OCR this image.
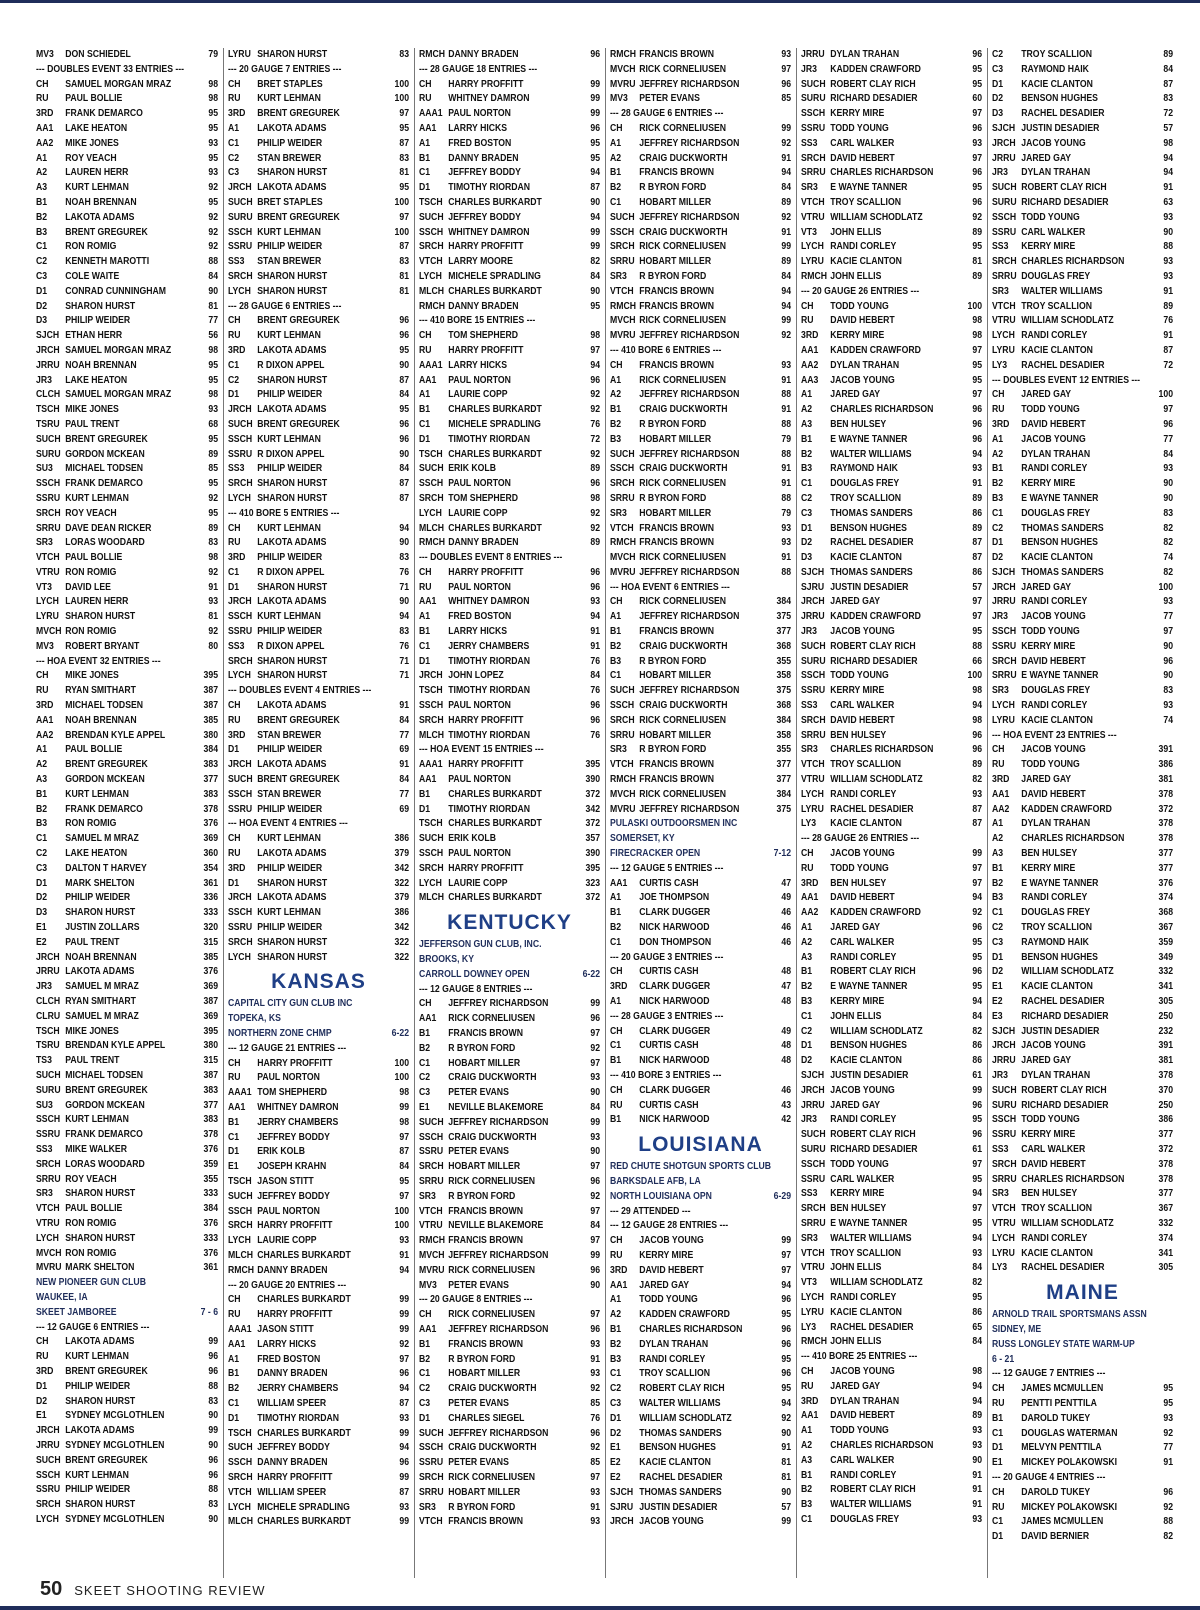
MV3	DON SCHIEDEL	79
--- DOUBLES EVENT 33 ENTRIES ---
CH	SAMUEL MORGAN MRAZ	98
RU	PAUL BOLLIE	98
3RD	FRANK DEMARCO	95
AA1	LAKE HEATON	95
AA2	MIKE JONES	93
A1	ROY VEACH	95
A2	LAUREN HERR	93
A3	KURT LEHMAN	92
B1	NOAH BRENNAN	95
B2	LAKOTA ADAMS	92
B3	BRENT GREGUREK	92
C1	RON ROMIG	92
C2	KENNETH MAROTTI	88
C3	COLE WAITE	84
D1	CONRAD CUNNINGHAM	90
D2	SHARON HURST	81
D3	PHILIP WEIDER	77
SJCH ETHAN HERR	56
JRCH SAMUEL MORGAN MRAZ	98
JRRU NOAH BRENNAN	95
JR3	LAKE HEATON	95
CLCH SAMUEL MORGAN MRAZ	98
TSCH MIKE JONES	93
TSRU PAUL TRENT	68
SUCH BRENT GREGUREK	95
SURU GORDON MCKEAN	89
SU3	MICHAEL TODSEN	85
SSCH FRANK DEMARCO	95
SSRU KURT LEHMAN	92
SRCH ROY VEACH	95
SRRU DAVE DEAN RICKER	89
SR3	LORAS WOODARD	83
VTCH PAUL BOLLIE	98
VTRU RON ROMIG	92
VT3	DAVID LEE	91
LYCH LAUREN HERR	93
LYRU SHARON HURST	81
MVCH RON ROMIG	92
MV3	ROBERT BRYANT	80
--- HOA EVENT 32 ENTRIES ---
CH	MIKE JONES	395
RU	RYAN SMITHART	387
3RD	MICHAEL TODSEN	387
AA1	NOAH BRENNAN	385
AA2	BRENDAN KYLE APPEL	380
A1	PAUL BOLLIE	384
A2	BRENT GREGUREK	383
A3	GORDON MCKEAN	377
B1	KURT LEHMAN	383
B2	FRANK DEMARCO	378
B3	RON ROMIG	376
C1	SAMUEL M MRAZ	369
C2	LAKE HEATON	360
C3	DALTON T HARVEY	354
D1	MARK SHELTON	361
D2	PHILIP WEIDER	336
D3	SHARON HURST	333
E1	JUSTIN ZOLLARS	320
E2	PAUL TRENT	315
JRCH NOAH BRENNAN	385
JRRU LAKOTA ADAMS	376
JR3	SAMUEL M MRAZ	369
CLCH RYAN SMITHART	387
CLRU SAMUEL M MRAZ	369
TSCH MIKE JONES	395
TSRU BRENDAN KYLE APPEL	380
TS3	PAUL TRENT	315
SUCH MICHAEL TODSEN	387
SURU BRENT GREGUREK	383
SU3	GORDON MCKEAN	377
SSCH KURT LEHMAN	383
SSRU FRANK DEMARCO	378
SS3	MIKE WALKER	376
SRCH LORAS WOODARD	359
SRRU ROY VEACH	355
SR3	SHARON HURST	333
VTCH PAUL BOLLIE	384
VTRU RON ROMIG	376
LYCH SHARON HURST	333
MVCH RON ROMIG	376
MVRU MARK SHELTON	361
NEW PIONEER GUN CLUB
WAUKEE, IA
SKEET JAMBOREE	7 - 6
--- 12 GAUGE 6 ENTRIES ---
CH	LAKOTA ADAMS	99
RU	KURT LEHMAN	96
3RD	BRENT GREGUREK	96
D1	PHILIP WEIDER	88
D2	SHARON HURST	83
E1	SYDNEY MCGLOTHLEN	90
JRCH LAKOTA ADAMS	99
JRRU SYDNEY MCGLOTHLEN	90
SUCH BRENT GREGUREK	96
SSCH KURT LEHMAN	96
SSRU PHILIP WEIDER	88
SRCH SHARON HURST	83
LYCH SYDNEY MCGLOTHLEN	90
LYRU SHARON HURST	83
--- 20 GAUGE 7 ENTRIES ---
CH	BRET STAPLES	100
RU	KURT LEHMAN	100
3RD	BRENT GREGUREK	97
A1	LAKOTA ADAMS	95
C1	PHILIP WEIDER	87
C2	STAN BREWER	83
C3	SHARON HURST	81
JRCH LAKOTA ADAMS	95
SUCH BRET STAPLES	100
SURU BRENT GREGUREK	97
SSCH KURT LEHMAN	100
SSRU PHILIP WEIDER	87
SS3	STAN BREWER	83
SRCH SHARON HURST	81
LYCH SHARON HURST	81
--- 28 GAUGE 6 ENTRIES ---
CH	BRENT GREGUREK	96
RU	KURT LEHMAN	96
3RD	LAKOTA ADAMS	95
C1	R DIXON APPEL	90
C2	SHARON HURST	87
D1	PHILIP WEIDER	84
JRCH LAKOTA ADAMS	95
SUCH BRENT GREGUREK	96
SSCH KURT LEHMAN	96
SSRU R DIXON APPEL	90
SS3	PHILIP WEIDER	84
SRCH SHARON HURST	87
LYCH SHARON HURST	87
--- 410 BORE 5 ENTRIES ---
CH	KURT LEHMAN	94
RU	LAKOTA ADAMS	90
3RD	PHILIP WEIDER	83
C1	R DIXON APPEL	76
D1	SHARON HURST	71
JRCH LAKOTA ADAMS	90
SSCH KURT LEHMAN	94
SSRU PHILIP WEIDER	83
SS3	R DIXON APPEL	76
SRCH SHARON HURST	71
LYCH SHARON HURST	71
--- DOUBLES EVENT 4 ENTRIES ---
CH	LAKOTA ADAMS	91
RU	BRENT GREGUREK	84
3RD	STAN BREWER	77
D1	PHILIP WEIDER	69
JRCH LAKOTA ADAMS	91
SUCH BRENT GREGUREK	84
SSCH STAN BREWER	77
SSRU PHILIP WEIDER	69
--- HOA EVENT 4 ENTRIES ---
CH	KURT LEHMAN	386
RU	LAKOTA ADAMS	379
3RD	PHILIP WEIDER	342
D1	SHARON HURST	322
JRCH LAKOTA ADAMS	379
SSCH KURT LEHMAN	386
SSRU PHILIP WEIDER	342
SRCH SHARON HURST	322
LYCH SHARON HURST	322
KANSAS
CAPITAL CITY GUN CLUB INC
TOPEKA, KS
NORTHERN ZONE CHMP	6-22
--- 12 GAUGE 21 ENTRIES ---
CH	HARRY PROFFITT	100
RU	PAUL NORTON	100
AAA1 TOM SHEPHERD	98
AA1	WHITNEY DAMRON	99
B1	JERRY CHAMBERS	98
C1	JEFFREY BODDY	97
D1	ERIK KOLB	87
E1	JOSEPH KRAHN	84
TSCH JASON STITT	95
SUCH JEFFREY BODDY	97
SSCH PAUL NORTON	100
SRCH HARRY PROFFITT	100
LYCH LAURIE COPP	93
MLCH CHARLES BURKARDT	91
RMCH DANNY BRADEN	94
--- 20 GAUGE 20 ENTRIES ---
CH	CHARLES BURKARDT	99
RU	HARRY PROFFITT	99
AAA1 JASON STITT	99
AA1	LARRY HICKS	92
A1	FRED BOSTON	97
B1	DANNY BRADEN	96
B2	JERRY CHAMBERS	94
C1	WILLIAM SPEER	87
D1	TIMOTHY RIORDAN	93
TSCH CHARLES BURKARDT	99
SUCH JEFFREY BODDY	94
SSCH DANNY BRADEN	96
SRCH HARRY PROFFITT	99
VTCH WILLIAM SPEER	87
LYCH MICHELE SPRADLING	93
MLCH CHARLES BURKARDT	99
RMCH DANNY BRADEN	96
--- 28 GAUGE 18 ENTRIES ---
CH	HARRY PROFFITT	99
RU	WHITNEY DAMRON	99
AAA1 PAUL NORTON	99
AA1	LARRY HICKS	96
A1	FRED BOSTON	95
B1	DANNY BRADEN	95
C1	JEFFREY BODDY	94
D1	TIMOTHY RIORDAN	87
TSCH CHARLES BURKARDT	90
SUCH JEFFREY BODDY	94
SSCH WHITNEY DAMRON	99
SRCH HARRY PROFFITT	99
VTCH LARRY MOORE	82
LYCH MICHELE SPRADLING	84
MLCH CHARLES BURKARDT	90
RMCH DANNY BRADEN	95
--- 410 BORE 15 ENTRIES ---
CH	TOM SHEPHERD	98
RU	HARRY PROFFITT	97
AAA1 LARRY HICKS	94
AA1	PAUL NORTON	96
A1	LAURIE COPP	92
B1	CHARLES BURKARDT	92
C1	MICHELE SPRADLING	76
D1	TIMOTHY RIORDAN	72
TSCH CHARLES BURKARDT	92
SUCH ERIK KOLB	89
SSCH PAUL NORTON	96
SRCH TOM SHEPHERD	98
LYCH LAURIE COPP	92
MLCH CHARLES BURKARDT	92
RMCH DANNY BRADEN	89
--- DOUBLES EVENT 8 ENTRIES ---
CH	HARRY PROFFITT	96
RU	PAUL NORTON	96
AA1	WHITNEY DAMRON	93
A1	FRED BOSTON	94
B1	LARRY HICKS	91
C1	JERRY CHAMBERS	91
D1	TIMOTHY RIORDAN	76
JRCH JOHN LOPEZ	84
TSCH TIMOTHY RIORDAN	76
SSCH PAUL NORTON	96
SRCH HARRY PROFFITT	96
MLCH TIMOTHY RIORDAN	76
--- HOA EVENT 15 ENTRIES ---
AAA1 HARRY PROFFITT	395
AA1	PAUL NORTON	390
B1	CHARLES BURKARDT	372
D1	TIMOTHY RIORDAN	342
TSCH CHARLES BURKARDT	372
SUCH ERIK KOLB	357
SSCH PAUL NORTON	390
SRCH HARRY PROFFITT	395
LYCH LAURIE COPP	323
MLCH CHARLES BURKARDT	372
KENTUCKY
JEFFERSON GUN CLUB, INC.
BROOKS, KY
CARROLL DOWNEY OPEN	6-22
--- 12 GAUGE 8 ENTRIES ---
CH	JEFFREY RICHARDSON	99
AA1	RICK CORNELIUSEN	96
B1	FRANCIS BROWN	97
B2	R BYRON FORD	92
C1	HOBART MILLER	97
C2	CRAIG DUCKWORTH	93
C3	PETER EVANS	90
E1	NEVILLE BLAKEMORE	84
SUCH JEFFREY RICHARDSON	99
SSCH CRAIG DUCKWORTH	93
SSRU PETER EVANS	90
SRCH HOBART MILLER	97
SRRU RICK CORNELIUSEN	96
SR3	R BYRON FORD	92
VTCH FRANCIS BROWN	97
VTRU NEVILLE BLAKEMORE	84
RMCH FRANCIS BROWN	97
MVCH JEFFREY RICHARDSON	99
MVRU RICK CORNELIUSEN	96
MV3	PETER EVANS	90
--- 20 GAUGE 8 ENTRIES ---
CH	RICK CORNELIUSEN	97
AA1	JEFFREY RICHARDSON	96
B1	FRANCIS BROWN	93
B2	R BYRON FORD	91
C1	HOBART MILLER	93
C2	CRAIG DUCKWORTH	92
C3	PETER EVANS	85
D1	CHARLES SIEGEL	76
SUCH JEFFREY RICHARDSON	96
SSCH CRAIG DUCKWORTH	92
SSRU PETER EVANS	85
SRCH RICK CORNELIUSEN	97
SRRU HOBART MILLER	93
SR3	R BYRON FORD	91
VTCH FRANCIS BROWN	93
RMCH FRANCIS BROWN	93
MVCH RICK CORNELIUSEN	97
MVRU JEFFREY RICHARDSON	96
MV3	PETER EVANS	85
--- 28 GAUGE 6 ENTRIES ---
CH	RICK CORNELIUSEN	99
A1	JEFFREY RICHARDSON	92
A2	CRAIG DUCKWORTH	91
B1	FRANCIS BROWN	94
B2	R BYRON FORD	84
C1	HOBART MILLER	89
SUCH JEFFREY RICHARDSON	92
SSCH CRAIG DUCKWORTH	91
SRCH RICK CORNELIUSEN	99
SRRU HOBART MILLER	89
SR3	R BYRON FORD	84
VTCH FRANCIS BROWN	94
RMCH FRANCIS BROWN	94
MVCH RICK CORNELIUSEN	99
MVRU JEFFREY RICHARDSON	92
--- 410 BORE 6 ENTRIES ---
CH	FRANCIS BROWN	93
A1	RICK CORNELIUSEN	91
A2	JEFFREY RICHARDSON	88
B1	CRAIG DUCKWORTH	91
B2	R BYRON FORD	88
B3	HOBART MILLER	79
SUCH JEFFREY RICHARDSON	88
SSCH CRAIG DUCKWORTH	91
SRCH RICK CORNELIUSEN	91
SRRU R BYRON FORD	88
SR3	HOBART MILLER	79
VTCH FRANCIS BROWN	93
RMCH FRANCIS BROWN	93
MVCH RICK CORNELIUSEN	91
MVRU JEFFREY RICHARDSON	88
--- HOA EVENT 6 ENTRIES ---
CH	RICK CORNELIUSEN	384
A1	JEFFREY RICHARDSON	375
B1	FRANCIS BROWN	377
B2	CRAIG DUCKWORTH	368
B3	R BYRON FORD	355
C1	HOBART MILLER	358
SUCH JEFFREY RICHARDSON	375
SSCH CRAIG DUCKWORTH	368
SRCH RICK CORNELIUSEN	384
SRRU HOBART MILLER	358
SR3	R BYRON FORD	355
VTCH FRANCIS BROWN	377
RMCH FRANCIS BROWN	377
MVCH RICK CORNELIUSEN	384
MVRU JEFFREY RICHARDSON	375
PULASKI OUTDOORSMEN INC
SOMERSET, KY
FIRECRACKER OPEN	7-12
--- 12 GAUGE 5 ENTRIES ---
AA1	CURTIS CASH	47
A1	JOE THOMPSON	49
B1	CLARK DUGGER	46
B2	NICK HARWOOD	46
C1	DON THOMPSON	46
--- 20 GAUGE 3 ENTRIES ---
CH	CURTIS CASH	48
3RD	CLARK DUGGER	47
A1	NICK HARWOOD	48
--- 28 GAUGE 3 ENTRIES ---
CH	CLARK DUGGER	49
C1	CURTIS CASH	48
B1	NICK HARWOOD	48
--- 410 BORE 3 ENTRIES ---
CH	CLARK DUGGER	46
RU	CURTIS CASH	43
B1	NICK HARWOOD	42
LOUISIANA
RED CHUTE SHOTGUN SPORTS CLUB
BARKSDALE AFB, LA
NORTH LOUISIANA OPN	6-29
--- 29 ATTENDED ---
--- 12 GAUGE 28 ENTRIES ---
CH	JACOB YOUNG	99
RU	KERRY MIRE	97
3RD	DAVID HEBERT	97
AA1	JARED GAY	94
A1	TODD YOUNG	96
A2	KADDEN CRAWFORD	95
B1	CHARLES RICHARDSON	96
B2	DYLAN TRAHAN	96
B3	RANDI CORLEY	95
C1	TROY SCALLION	96
C2	ROBERT CLAY RICH	95
C3	WALTER WILLIAMS	94
D1	WILLIAM SCHODLATZ	92
D2	THOMAS SANDERS	90
E1	BENSON HUGHES	91
E2	KACIE CLANTON	81
E2	RACHEL DESADIER	81
SJCH THOMAS SANDERS	90
SJRU JUSTIN DESADIER	57
JRCH JACOB YOUNG	99
JRRU DYLAN TRAHAN	96
JR3	KADDEN CRAWFORD	95
SUCH ROBERT CLAY RICH	95
SURU RICHARD DESADIER	60
SSCH KERRY MIRE	97
SSRU TODD YOUNG	96
SS3	CARL WALKER	93
SRCH DAVID HEBERT	97
SRRU CHARLES RICHARDSON	96
SR3	E WAYNE TANNER	95
VTCH TROY SCALLION	96
VTRU WILLIAM SCHODLATZ	92
VT3	JOHN ELLIS	89
LYCH RANDI CORLEY	95
LYRU KACIE CLANTON	81
RMCH JOHN ELLIS	89
--- 20 GAUGE 26 ENTRIES ---
CH	TODD YOUNG	100
RU	DAVID HEBERT	98
3RD	KERRY MIRE	98
AA1	KADDEN CRAWFORD	97
AA2	DYLAN TRAHAN	95
AA3	JACOB YOUNG	95
A1	JARED GAY	97
A2	CHARLES RICHARDSON	96
A3	BEN HULSEY	96
B1	E WAYNE TANNER	96
B2	WALTER WILLIAMS	94
B3	RAYMOND HAIK	93
C1	DOUGLAS FREY	91
C2	TROY SCALLION	89
C3	THOMAS SANDERS	86
D1	BENSON HUGHES	89
D2	RACHEL DESADIER	87
D3	KACIE CLANTON	87
SJCH THOMAS SANDERS	86
SJRU JUSTIN DESADIER	57
JRCH JARED GAY	97
JRRU KADDEN CRAWFORD	97
JR3	JACOB YOUNG	95
SUCH ROBERT CLAY RICH	88
SURU RICHARD DESADIER	66
SSCH TODD YOUNG	100
SSRU KERRY MIRE	98
SS3	CARL WALKER	94
SRCH DAVID HEBERT	98
SRRU BEN HULSEY	96
SR3	CHARLES RICHARDSON	96
VTCH TROY SCALLION	89
VTRU WILLIAM SCHODLATZ	82
LYCH RANDI CORLEY	93
LYRU RACHEL DESADIER	87
LY3	KACIE CLANTON	87
--- 28 GAUGE 26 ENTRIES ---
CH	JACOB YOUNG	99
RU	TODD YOUNG	97
3RD	BEN HULSEY	97
AA1	DAVID HEBERT	94
AA2	KADDEN CRAWFORD	92
A1	JARED GAY	96
A2	CARL WALKER	95
A3	RANDI CORLEY	95
B1	ROBERT CLAY RICH	96
B2	E WAYNE TANNER	95
B3	KERRY MIRE	94
C1	JOHN ELLIS	84
C2	WILLIAM SCHODLATZ	82
D1	BENSON HUGHES	86
D2	KACIE CLANTON	86
SJCH JUSTIN DESADIER	61
JRCH JACOB YOUNG	99
JRRU JARED GAY	96
JR3	RANDI CORLEY	95
SUCH ROBERT CLAY RICH	96
SURU RICHARD DESADIER	61
SSCH TODD YOUNG	97
SSRU CARL WALKER	95
SS3	KERRY MIRE	94
SRCH BEN HULSEY	97
SRRU E WAYNE TANNER	95
SR3	WALTER WILLIAMS	94
VTCH TROY SCALLION	93
VTRU JOHN ELLIS	84
VT3	WILLIAM SCHODLATZ	82
LYCH RANDI CORLEY	95
LYRU KACIE CLANTON	86
LY3	RACHEL DESADIER	65
RMCH JOHN ELLIS	84
--- 410 BORE 25 ENTRIES ---
CH	JACOB YOUNG	98
RU	JARED GAY	94
3RD	DYLAN TRAHAN	94
AA1	DAVID HEBERT	89
A1	TODD YOUNG	93
A2	CHARLES RICHARDSON	93
A3	CARL WALKER	90
B1	RANDI CORLEY	91
B2	ROBERT CLAY RICH	91
B3	WALTER WILLIAMS	91
C1	DOUGLAS FREY	93
C2	TROY SCALLION	89
C3	RAYMOND HAIK	84
D1	KACIE CLANTON	87
D2	BENSON HUGHES	83
D3	RACHEL DESADIER	72
SJCH JUSTIN DESADIER	57
JRCH JACOB YOUNG	98
JRRU JARED GAY	94
JR3	DYLAN TRAHAN	94
SUCH ROBERT CLAY RICH	91
SURU RICHARD DESADIER	63
SSCH TODD YOUNG	93
SSRU CARL WALKER	90
SS3	KERRY MIRE	88
SRCH CHARLES RICHARDSON	93
SRRU DOUGLAS FREY	93
SR3	WALTER WILLIAMS	91
VTCH TROY SCALLION	89
VTRU WILLIAM SCHODLATZ	76
LYCH RANDI CORLEY	91
LYRU KACIE CLANTON	87
LY3	RACHEL DESADIER	72
--- DOUBLES EVENT 12 ENTRIES ---
CH	JARED GAY	100
RU	TODD YOUNG	97
3RD	DAVID HEBERT	96
A1	JACOB YOUNG	77
A2	DYLAN TRAHAN	84
B1	RANDI CORLEY	93
B2	KERRY MIRE	90
B3	E WAYNE TANNER	90
C1	DOUGLAS FREY	83
C2	THOMAS SANDERS	82
D1	BENSON HUGHES	82
D2	KACIE CLANTON	74
SJCH THOMAS SANDERS	82
JRCH JARED GAY	100
JRRU RANDI CORLEY	93
JR3	JACOB YOUNG	77
SSCH TODD YOUNG	97
SSRU KERRY MIRE	90
SRCH DAVID HEBERT	96
SRRU E WAYNE TANNER	90
SR3	DOUGLAS FREY	83
LYCH RANDI CORLEY	93
LYRU KACIE CLANTON	74
--- HOA EVENT 23 ENTRIES ---
CH	JACOB YOUNG	391
RU	TODD YOUNG	386
3RD	JARED GAY	381
AA1	DAVID HEBERT	378
AA2	KADDEN CRAWFORD	372
A1	DYLAN TRAHAN	378
A2	CHARLES RICHARDSON	378
A3	BEN HULSEY	377
B1	KERRY MIRE	377
B2	E WAYNE TANNER	376
B3	RANDI CORLEY	374
C1	DOUGLAS FREY	368
C2	TROY SCALLION	367
C3	RAYMOND HAIK	359
D1	BENSON HUGHES	349
D2	WILLIAM SCHODLATZ	332
E1	KACIE CLANTON	341
E2	RACHEL DESADIER	305
E3	RICHARD DESADIER	250
SJCH JUSTIN DESADIER	232
JRCH JACOB YOUNG	391
JRRU JARED GAY	381
JR3	DYLAN TRAHAN	378
SUCH ROBERT CLAY RICH	370
SURU RICHARD DESADIER	250
SSCH TODD YOUNG	386
SSRU KERRY MIRE	377
SS3	CARL WALKER	372
SRCH DAVID HEBERT	378
SRRU CHARLES RICHARDSON	378
SR3	BEN HULSEY	377
VTCH TROY SCALLION	367
VTRU WILLIAM SCHODLATZ	332
LYCH RANDI CORLEY	374
LYRU KACIE CLANTON	341
LY3	RACHEL DESADIER	305
MAINE
ARNOLD TRAIL SPORTSMANS ASSN
SIDNEY, ME
RUSS LONGLEY STATE WARM-UP
6 - 21
--- 12 GAUGE 7 ENTRIES ---
CH	JAMES MCMULLEN	95
RU	PENTTI PENTTILA	95
B1	DAROLD TUKEY	93
C1	DOUGLAS WATERMAN	92
D1	MELVYN PENTTILA	77
E1	MICKEY POLAKOWSKI	91
--- 20 GAUGE 4 ENTRIES ---
CH	DAROLD TUKEY	96
RU	MICKEY POLAKOWSKI	92
C1	JAMES MCMULLEN	88
D1	DAVID BERNIER	82
50 SKEET SHOOTING REVIEW
